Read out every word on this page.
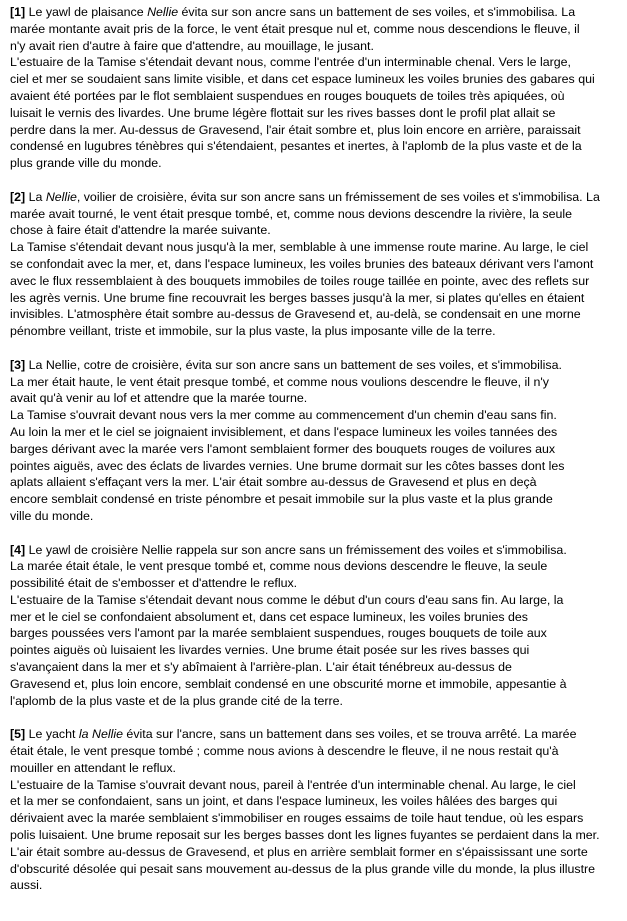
[1] Le yawl de plaisance Nellie évita sur son ancre sans un battement de ses voiles, et s'immobilisa. La
marée montante avait pris de la force, le vent était presque nul et, comme nous descendions le fleuve, il
n'y avait rien d'autre à faire que d'attendre, au mouillage, le jusant.
L'estuaire de la Tamise s'étendait devant nous, comme l'entrée d'un interminable chenal. Vers le large,
ciel et mer se soudaient sans limite visible, et dans cet espace lumineux les voiles brunies des gabares qui
avaient été portées par le flot semblaient suspendues en rouges bouquets de toiles très apiquées, où
luisait le vernis des livardes. Une brume légère flottait sur les rives basses dont le profil plat allait se
perdre dans la mer. Au-dessus de Gravesend, l'air était sombre et, plus loin encore en arrière, paraissait
condensé en lugubres ténèbres qui s'étendaient, pesantes et inertes, à l'aplomb de la plus vaste et de la
plus grande ville du monde.
[2] La Nellie, voilier de croisière, évita sur son ancre sans un frémissement de ses voiles et s'immobilisa. La
marée avait tourné, le vent était presque tombé, et, comme nous devions descendre la rivière, la seule
chose à faire était d'attendre la marée suivante.
La Tamise s'étendait devant nous jusqu'à la mer, semblable à une immense route marine. Au large, le ciel
se confondait avec la mer, et, dans l'espace lumineux, les voiles brunies des bateaux dérivant vers l'amont
avec le flux ressemblaient à des bouquets immobiles de toiles rouge taillée en pointe, avec des reflets sur
les agrès vernis. Une brume fine recouvrait les berges basses jusqu'à la mer, si plates qu'elles en étaient
invisibles. L'atmosphère était sombre au-dessus de Gravesend et, au-delà, se condensait en une morne
pénombre veillant, triste et immobile, sur la plus vaste, la plus imposante ville de la terre.
[3] La Nellie, cotre de croisière, évita sur son ancre sans un battement de ses voiles, et s'immobilisa.
La mer était haute, le vent était presque tombé, et comme nous voulions descendre le fleuve, il n'y
avait qu'à venir au lof et attendre que la marée tourne.
La Tamise s'ouvrait devant nous vers la mer comme au commencement d'un chemin d'eau sans fin.
Au loin la mer et le ciel se joignaient invisiblement, et dans l'espace lumineux les voiles tannées des
barges dérivant avec la marée vers l'amont semblaient former des bouquets rouges de voilures aux
pointes aiguës, avec des éclats de livardes vernies. Une brume dormait sur les côtes basses dont les
aplats allaient s'effaçant vers la mer. L'air était sombre au-dessus de Gravesend et plus en deçà
encore semblait condensé en triste pénombre et pesait immobile sur la plus vaste et la plus grande
ville du monde.
[4] Le yawl de croisière Nellie rappela sur son ancre sans un frémissement des voiles et s'immobilisa.
La marée était étale, le vent presque tombé et, comme nous devions descendre le fleuve, la seule
possibilité était de s'embosser et d'attendre le reflux.
L'estuaire de la Tamise s'étendait devant nous comme le début d'un cours d'eau sans fin. Au large, la
mer et le ciel se confondaient absolument et, dans cet espace lumineux, les voiles brunies des
barges poussées vers l'amont par la marée semblaient suspendues, rouges bouquets de toile aux
pointes aiguës où luisaient les livardes vernies. Une brume était posée sur les rives basses qui
s'avançaient dans la mer et s'y abîmaient à l'arrière-plan. L'air était ténébreux au-dessus de
Gravesend et, plus loin encore, semblait condensé en une obscurité morne et immobile, appesantie à
l'aplomb de la plus vaste et de la plus grande cité de la terre.
[5] Le yacht la Nellie évita sur l'ancre, sans un battement dans ses voiles, et se trouva arrêté. La marée
était étale, le vent presque tombé ; comme nous avions à descendre le fleuve, il ne nous restait qu'à
mouiller en attendant le reflux.
L'estuaire de la Tamise s'ouvrait devant nous, pareil à l'entrée d'un interminable chenal. Au large, le ciel
et la mer se confondaient, sans un joint, et dans l'espace lumineux, les voiles hâlées des barges qui
dérivaient avec la marée semblaient s'immobiliser en rouges essaims de toile haut tendue, où les espars
polis luisaient. Une brume reposait sur les berges basses dont les lignes fuyantes se perdaient dans la mer.
L'air était sombre au-dessus de Gravesend, et plus en arrière semblait former en s'épaississant une sorte
d'obscurité désolée qui pesait sans mouvement au-dessus de la plus grande ville du monde, la plus illustre
aussi.
